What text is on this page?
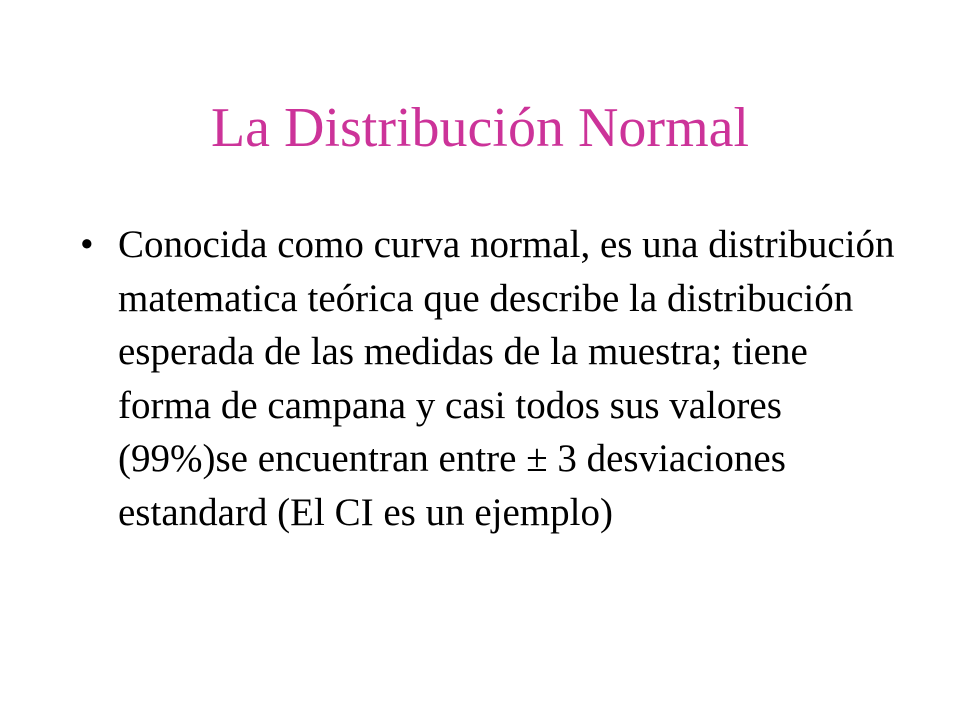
La Distribución Normal
• Conocida como curva normal, es una distribución matematica teórica que describe la distribución esperada de las medidas de la muestra; tiene forma de campana y casi todos sus valores (99%)se encuentran entre ± 3 desviaciones estandard (El CI es un ejemplo)
